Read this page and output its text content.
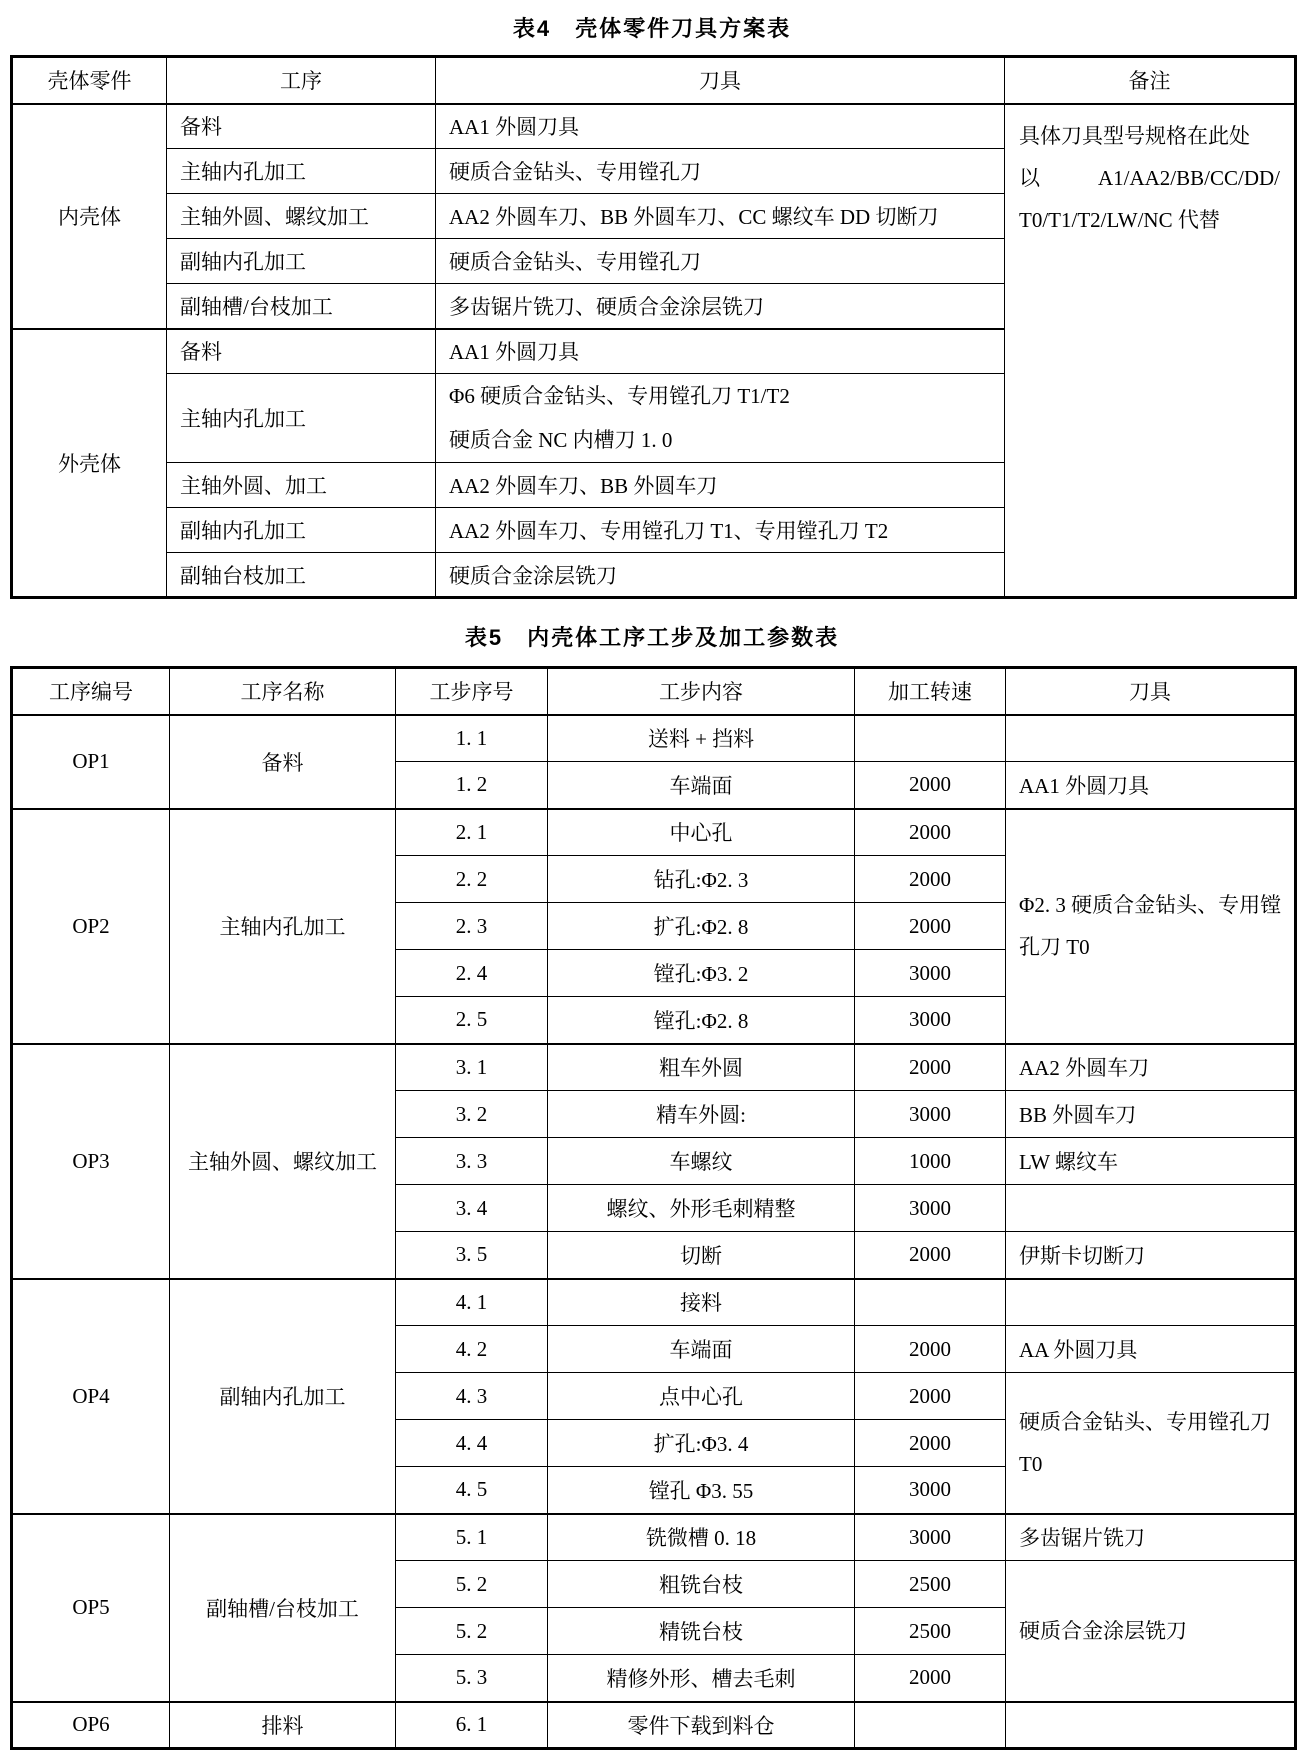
表4　壳体零件刀具方案表
壳体零件	工序	刀具	备注
内壳体	备料	AA1 外圆刀具	具体刀具型号规格在此处
以 A1/AA2/BB/CC/DD/
T0/T1/T2/LW/NC 代替

	主轴内孔加工	硬质合金钻头、专用镗孔刀	
	主轴外圆、螺纹加工	AA2 外圆车刀、BB 外圆车刀、CC 螺纹车 DD 切断刀	
	副轴内孔加工	硬质合金钻头、专用镗孔刀	
	副轴槽/台枝加工	多齿锯片铣刀、硬质合金涂层铣刀	
外壳体	备料	AA1 外圆刀具	
	主轴内孔加工	Φ6 硬质合金钻头、专用镗孔刀 T1/T2
硬质合金 NC 内槽刀 1. 0	

	主轴外圆、加工	AA2 外圆车刀、BB 外圆车刀	
	副轴内孔加工	AA2 外圆车刀、专用镗孔刀 T1、专用镗孔刀 T2	
	副轴台枝加工	硬质合金涂层铣刀	
表5　内壳体工序工步及加工参数表
工序编号	工序名称	工步序号	工步内容	加工转速	刀具
OP1	备料	1. 1	送料 + 挡料		
		1. 2	车端面	2000	AA1 外圆刀具
OP2	主轴内孔加工	2. 1	中心孔	2000	Φ2. 3 硬质合金钻头、专用镗孔刀 T0
		2. 2	钻孔:Φ2. 3	2000	
		2. 3	扩孔:Φ2. 8	2000	
		2. 4	镗孔:Φ3. 2	3000	
		2. 5	镗孔:Φ2. 8	3000	
OP3	主轴外圆、螺纹加工	3. 1	粗车外圆	2000	AA2 外圆车刀
		3. 2	精车外圆:	3000	BB 外圆车刀
		3. 3	车螺纹	1000	LW 螺纹车
		3. 4	螺纹、外形毛刺精整	3000	
		3. 5	切断	2000	伊斯卡切断刀
OP4	副轴内孔加工	4. 1	接料		
		4. 2	车端面	2000	AA 外圆刀具
		4. 3	点中心孔	2000	硬质合金钻头、专用镗孔刀 T0
		4. 4	扩孔:Φ3. 4	2000	
		4. 5	镗孔 Φ3. 55	3000	
OP5	副轴槽/台枝加工	5. 1	铣微槽 0. 18	3000	多齿锯片铣刀
		5. 2	粗铣台枝	2500	硬质合金涂层铣刀
		5. 2	精铣台枝	2500	
		5. 3	精修外形、槽去毛刺	2000	
OP6	排料	6. 1	零件下载到料仓		
